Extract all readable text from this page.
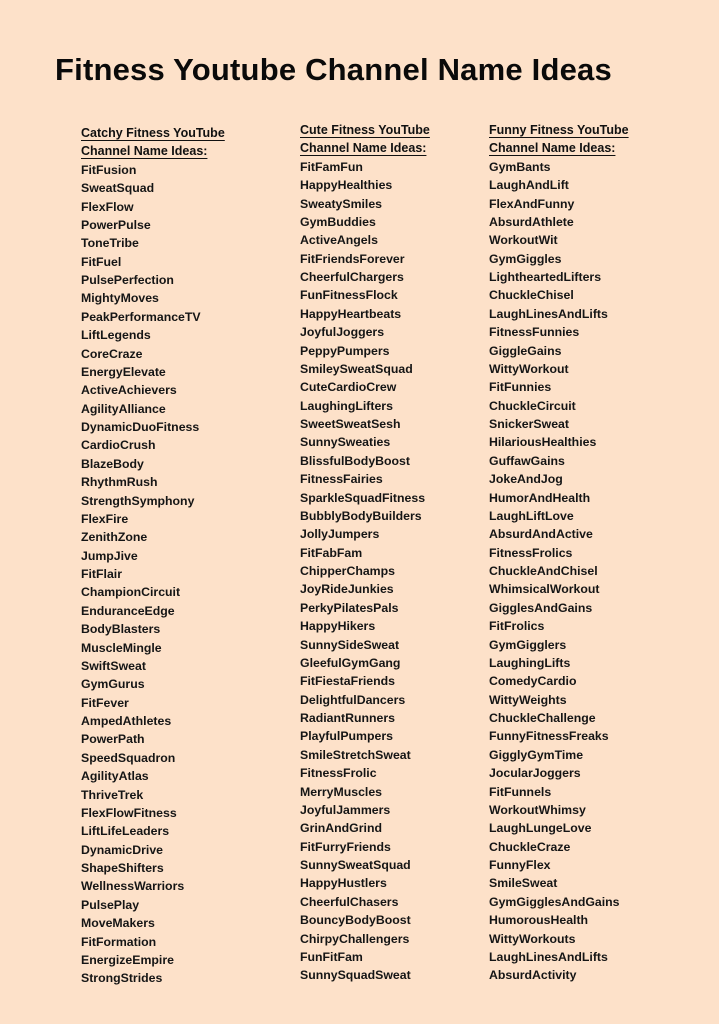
Fitness Youtube Channel Name Ideas
Catchy Fitness YouTube
Channel Name Ideas:
FitFusion
SweatSquad
FlexFlow
PowerPulse
ToneTribe
FitFuel
PulsePerfection
MightyMoves
PeakPerformanceTV
LiftLegends
CoreCraze
EnergyElevate
ActiveAchievers
AgilityAlliance
DynamicDuoFitness
CardioCrush
BlazeBody
RhythmRush
StrengthSymphony
FlexFire
ZenithZone
JumpJive
FitFlair
ChampionCircuit
EnduranceEdge
BodyBlasters
MuscleMingle
SwiftSweat
GymGurus
FitFever
AmpedAthletes
PowerPath
SpeedSquadron
AgilityAtlas
ThriveTrek
FlexFlowFitness
LiftLifeLeaders
DynamicDrive
ShapeShifters
WellnessWarriors
PulsePlay
MoveMakers
FitFormation
EnergizeEmpire
StrongStrides
Cute Fitness YouTube
Channel Name Ideas:
FitFamFun
HappyHealthies
SweatySmiles
GymBuddies
ActiveAngels
FitFriendsForever
CheerfulChargers
FunFitnessFlock
HappyHeartbeats
JoyfulJoggers
PeppyPumpers
SmileySweatSquad
CuteCardioCrew
LaughingLifters
SweetSweatSesh
SunnySweaties
BlissfulBodyBoost
FitnessFairies
SparkleSquadFitness
BubblyBodyBuilders
JollyJumpers
FitFabFam
ChipperChamps
JoyRideJunkies
PerkyPilatesPals
HappyHikers
SunnySideSweat
GleefulGymGang
FitFiestaFriends
DelightfulDancers
RadiantRunners
PlayfulPumpers
SmileStretchSweat
FitnessFrolic
MerryMuscles
JoyfulJammers
GrinAndGrind
FitFurryFriends
SunnySweatSquad
HappyHustlers
CheerfulChasers
BouncyBodyBoost
ChirpyChallengers
FunFitFam
SunnySquadSweat
Funny Fitness YouTube
Channel Name Ideas:
GymBants
LaughAndLift
FlexAndFunny
AbsurdAthlete
WorkoutWit
GymGiggles
LightheartedLifters
ChuckleChisel
LaughLinesAndLifts
FitnessFunnies
GiggleGains
WittyWorkout
FitFunnies
ChuckleCircuit
SnickerSweat
HilariousHealthies
GuffawGains
JokeAndJog
HumorAndHealth
LaughLiftLove
AbsurdAndActive
FitnessFrolics
ChuckleAndChisel
WhimsicalWorkout
GigglesAndGains
FitFrolics
GymGigglers
LaughingLifts
ComedyCardio
WittyWeights
ChuckleChallenge
FunnyFitnessFreaks
GigglyGymTime
JocularJoggers
FitFunnels
WorkoutWhimsy
LaughLungeLove
ChuckleCraze
FunnyFlex
SmileSweat
GymGigglesAndGains
HumorousHealth
WittyWorkouts
LaughLinesAndLifts
AbsurdActivity
